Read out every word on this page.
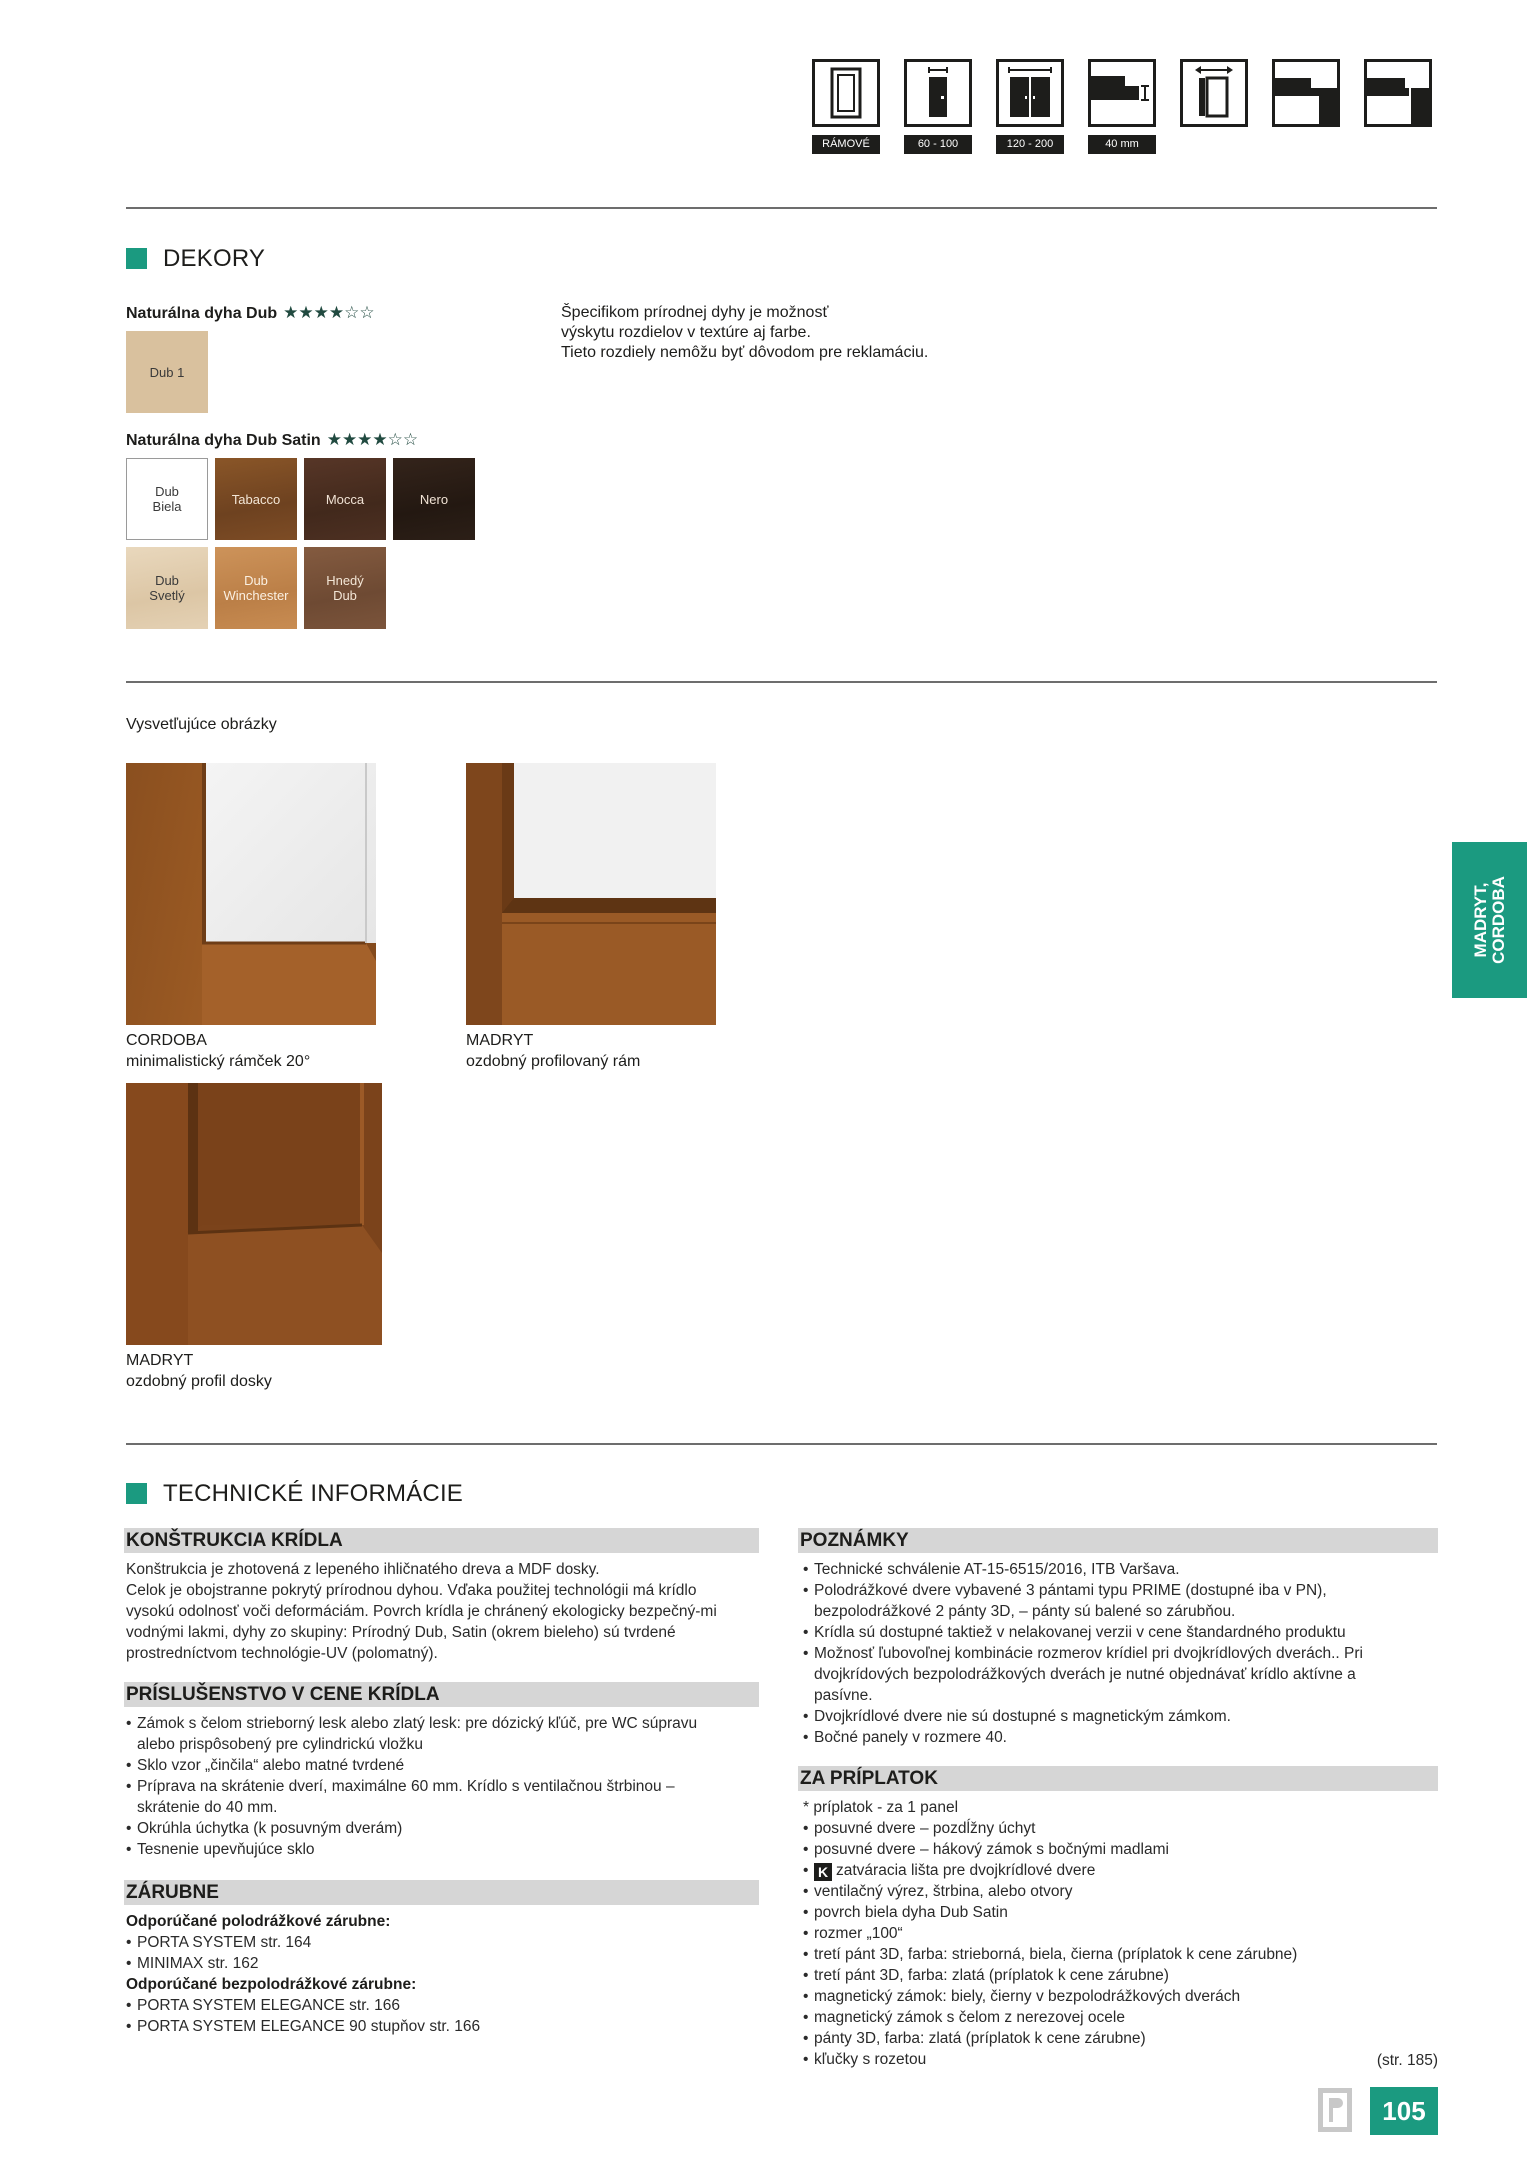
RÁMOVÉ	60 - 100	120 - 200	40 mm
DEKORY
Naturálna dyha Dub ★★★★☆☆
Dub 1
Špecifikom prírodnej dyhy je možnosť
výskytu rozdielov v textúre aj farbe.
Tieto rozdiely nemôžu byť dôvodom pre reklamáciu.
Naturálna dyha Dub Satin ★★★★☆☆
Dub
Biela	Tabacco	Mocca	Nero
Dub
Svetlý
Dub
Winchester
Hnedý
Dub
Vysvetľujúce obrázky
CORDOBA
minimalistický rámček 20°
MADRYT
ozdobný profilovaný rám
MADRYT
ozdobný profil dosky
MADRYT,
CORDOBA
TECHNICKÉ INFORMÁCIE
KONŠTRUKCIA KRÍDLA
Konštrukcia je zhotovená z lepeného ihličnatého dreva a MDF dosky.
Celok je obojstranne pokrytý prírodnou dyhou. Vďaka použitej technológii má krídlo vysokú odolnosť voči deformáciám. Povrch krídla je chránený ekologicky bezpečný-mi vodnými lakmi, dyhy zo skupiny: Prírodný Dub, Satin (okrem bieleho) sú tvrdené prostredníctvom technológie-UV (polomatný).
PRÍSLUŠENSTVO V CENE KRÍDLA
• Zámok s čelom strieborný lesk alebo zlatý lesk: pre dózický kľúč, pre WC súpravu alebo prispôsobený pre cylindrickú vložku
• Sklo vzor „činčila“ alebo matné tvrdené
• Príprava na skrátenie dverí, maximálne 60 mm. Krídlo s ventilačnou štrbinou – skrátenie do 40 mm.
• Okrúhla úchytka (k posuvným dverám)
• Tesnenie upevňujúce sklo
ZÁRUBNE
Odporúčané polodrážkové zárubne:
• PORTA SYSTEM str. 164
• MINIMAX str. 162
Odporúčané bezpolodrážkové zárubne:
• PORTA SYSTEM ELEGANCE str. 166
• PORTA SYSTEM ELEGANCE 90 stupňov str. 166
POZNÁMKY
• Technické schválenie AT-15-6515/2016, ITB Varšava.
• Polodrážkové dvere vybavené 3 pántami typu PRIME (dostupné iba v PN), bezpolodrážkové 2 pánty 3D, – pánty sú balené so zárubňou.
• Krídla sú dostupné taktiež v nelakovanej verzii v cene štandardného produktu
• Možnosť ľubovoľnej kombinácie rozmerov krídiel pri dvojkrídlových dverách.. Pri dvojkrídových bezpolodrážkových dverách je nutné objednávať krídlo aktívne a pasívne.
• Dvojkrídlové dvere nie sú dostupné s magnetickým zámkom.
• Bočné panely v rozmere 40.
ZA PRÍPLATOK
* príplatok - za 1 panel
• posuvné dvere – pozdĺžny úchyt
• posuvné dvere – hákový zámok s bočnými madlami
• K zatváracia lišta pre dvojkrídlové dvere
• ventilačný výrez, štrbina, alebo otvory
• povrch biela dyha Dub Satin
• rozmer „100“
• tretí pánt 3D, farba: strieborná, biela, čierna (príplatok k cene zárubne)
• tretí pánt 3D, farba: zlatá (príplatok k cene zárubne)
• magnetický zámok: biely, čierny v bezpolodrážkových dverách
• magnetický zámok s čelom z nerezovej ocele
• pánty 3D, farba: zlatá (príplatok k cene zárubne)
• kľučky s rozetou	(str. 185)
105
